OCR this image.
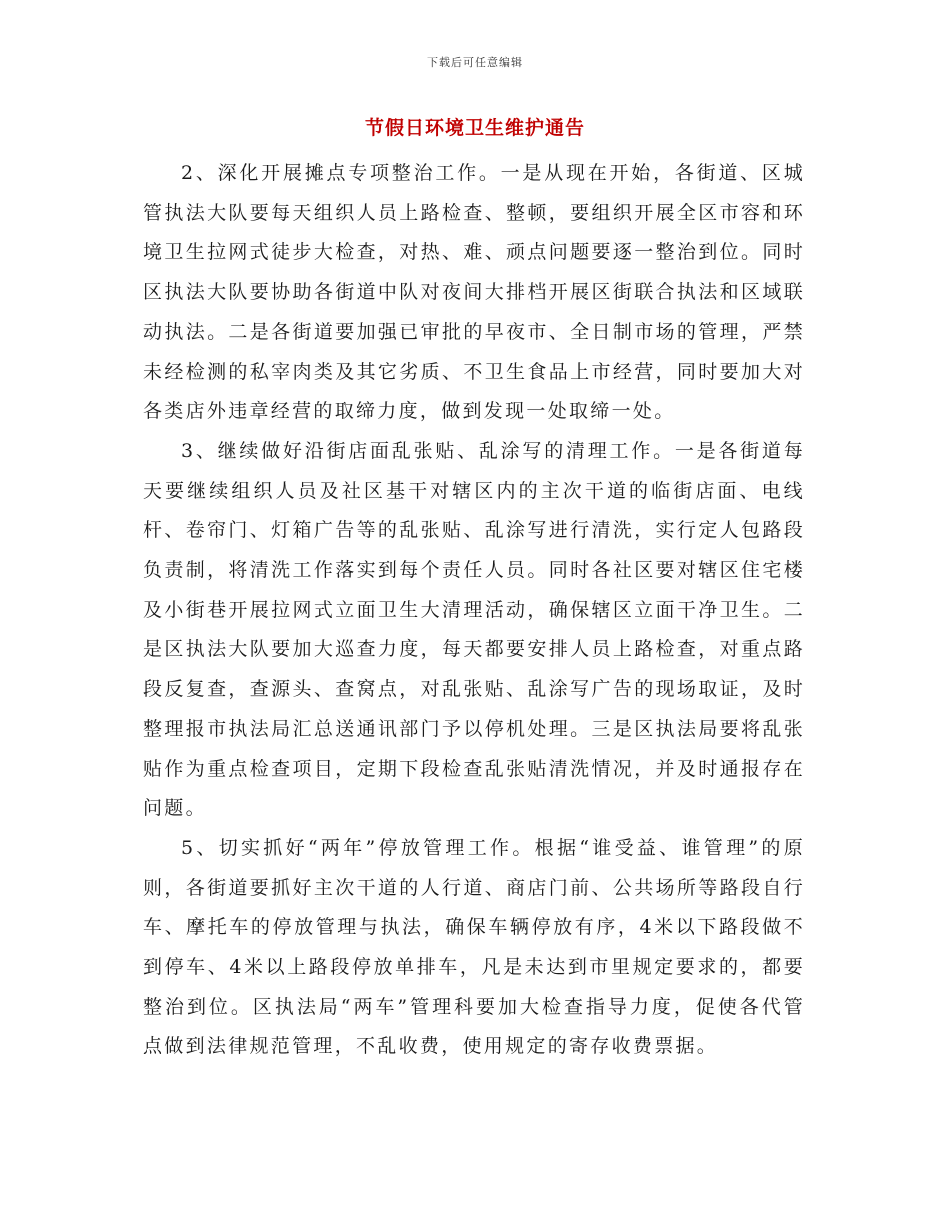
下载后可任意编辑
节假日环境卫生维护通告

2、深化开展摊点专项整治工作。一是从现在开始，各街道、区城管执法大队要每天组织人员上路检查、整顿，要组织开展全区市容和环境卫生拉网式徒步大检查，对热、难、顽点问题要逐一整治到位。同时区执法大队要协助各街道中队对夜间大排档开展区街联合执法和区域联动执法。二是各街道要加强已审批的早夜市、全日制市场的管理，严禁未经检测的私宰肉类及其它劣质、不卫生食品上市经营，同时要加大对各类店外违章经营的取缔力度，做到发现一处取缔一处。

3、继续做好沿街店面乱张贴、乱涂写的清理工作。一是各街道每天要继续组织人员及社区基干对辖区内的主次干道的临街店面、电线杆、卷帘门、灯箱广告等的乱张贴、乱涂写进行清洗，实行定人包路段负责制，将清洗工作落实到每个责任人员。同时各社区要对辖区住宅楼及小街巷开展拉网式立面卫生大清理活动，确保辖区立面干净卫生。二是区执法大队要加大巡查力度，每天都要安排人员上路检查，对重点路段反复查，查源头、查窝点，对乱张贴、乱涂写广告的现场取证，及时整理报市执法局汇总送通讯部门予以停机处理。三是区执法局要将乱张贴作为重点检查项目，定期下段检查乱张贴清洗情况，并及时通报存在问题。

5、切实抓好“两年”停放管理工作。根据“谁受益、谁管理”的原则，各街道要抓好主次干道的人行道、商店门前、公共场所等路段自行车、摩托车的停放管理与执法，确保车辆停放有序，4米以下路段做不到停车、4米以上路段停放单排车，凡是未达到市里规定要求的，都要整治到位。区执法局“两车”管理科要加大检查指导力度，促使各代管点做到法律规范管理，不乱收费，使用规定的寄存收费票据。
